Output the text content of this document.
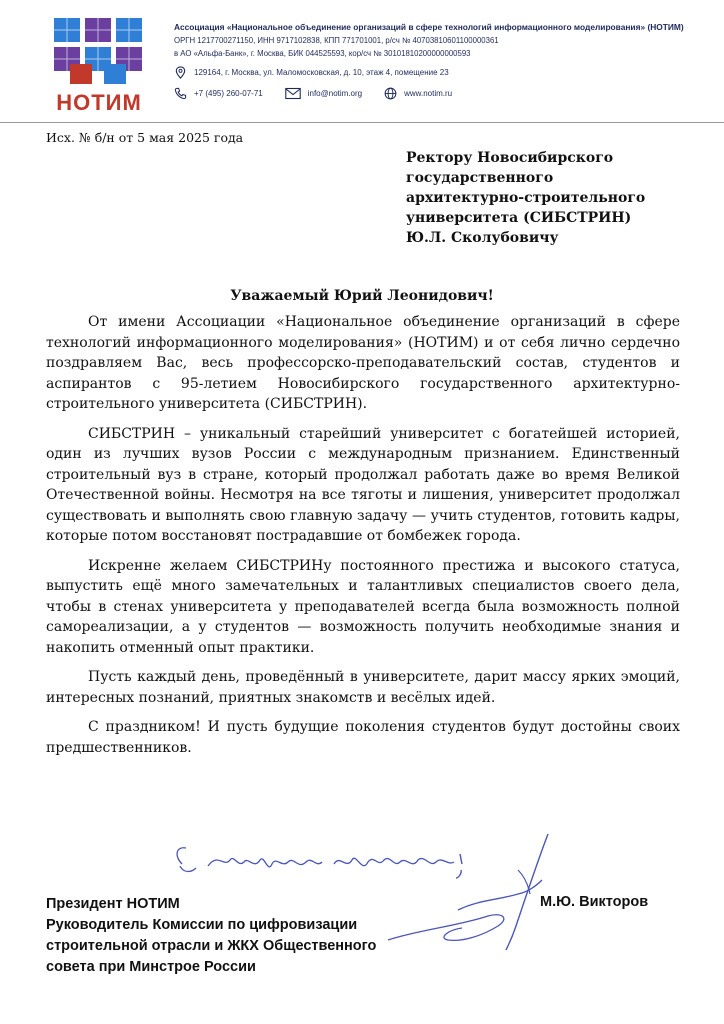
НОТИМ
Ассоциация «Национальное объединение организаций в сфере технологий информационного моделирования» (НОТИМ)
ОРГН 1217700271150, ИНН 9717102838, КПП 771701001, р/сч № 40703810601100000361
в АО «Альфа-Банк», г. Москва, БИК 044525593, кор/сч № 30101810200000000593
129164, г. Москва, ул. Маломосковская, д. 10, этаж 4, помещение 23
+7 (495) 260-07-71	info@notim.org	www.notim.ru
Исх. № б/н от 5 мая 2025 года
Ректору Новосибирского
государственного
архитектурно-строительного
университета (СИБСТРИН)
Ю.Л. Сколубовичу
Уважаемый Юрий Леонидович!

От имени Ассоциации «Национальное объединение организаций в сфере технологий информационного моделирования» (НОТИМ) и от себя лично сердечно поздравляем Вас, весь профессорско-преподавательский состав, студентов и аспирантов с 95-летием Новосибирского государственного архитектурно-строительного университета (СИБСТРИН).

СИБСТРИН – уникальный старейший университет с богатейшей историей, один из лучших вузов России с международным признанием. Единственный строительный вуз в стране, который продолжал работать даже во время Великой Отечественной войны. Несмотря на все тяготы и лишения, университет продолжал существовать и выполнять свою главную задачу — учить студентов, готовить кадры, которые потом восстановят пострадавшие от бомбежек города.

Искренне желаем СИБСТРИНу постоянного престижа и высокого статуса, выпустить ещё много замечательных и талантливых специалистов своего дела, чтобы в стенах университета у преподавателей всегда была возможность полной самореализации, а у студентов — возможность получить необходимые знания и накопить отменный опыт практики.

Пусть каждый день, проведённый в университете, дарит массу ярких эмоций, интересных познаний, приятных знакомств и весёлых идей.

С праздником! И пусть будущие поколения студентов будут достойны своих предшественников.

Президент НОТИМ
Руководитель Комиссии по цифровизации
строительной отрасли и ЖКХ Общественного
совета при Минстрое России
М.Ю. Викторов
